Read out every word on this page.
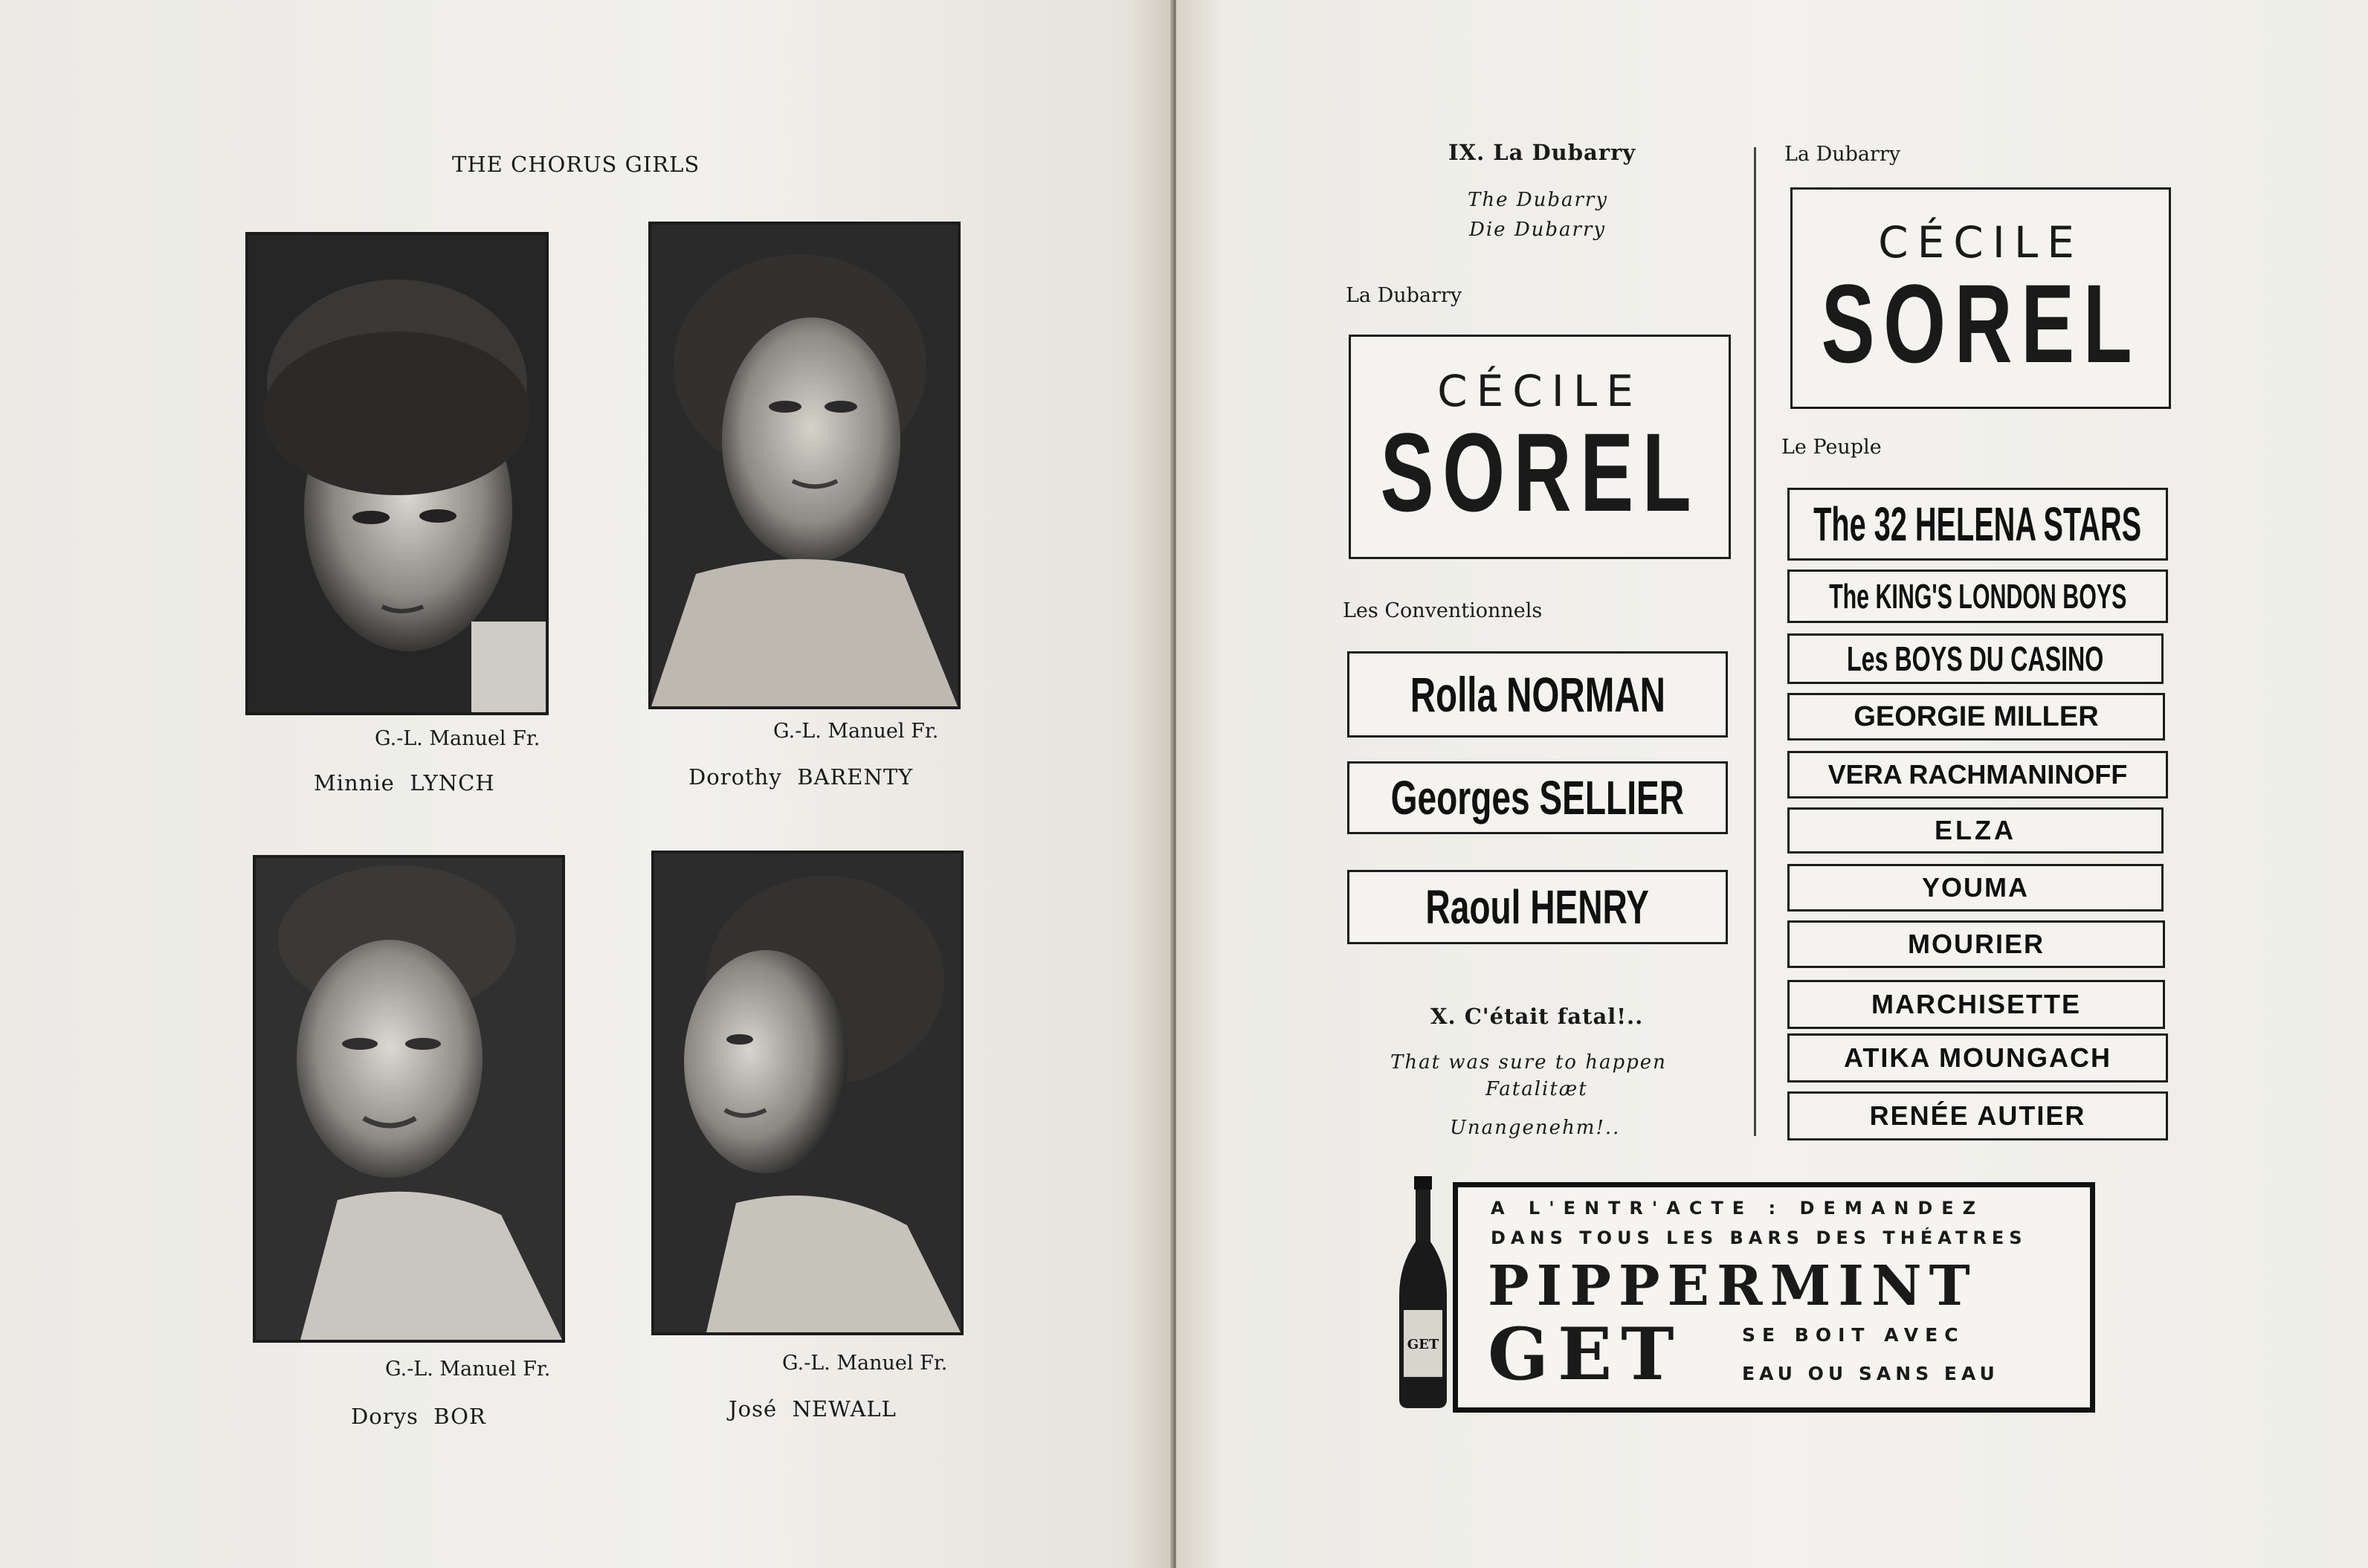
THE CHORUS GIRLS
G.-L. Manuel Fr.
Minnie LYNCH
G.-L. Manuel Fr.
Dorothy BARENTY
G.-L. Manuel Fr.
Dorys BOR
G.-L. Manuel Fr.
José NEWALL
IX. La Dubarry
The Dubarry
Die Dubarry
La Dubarry
CÉCILE
SOREL
Les Conventionnels
Rolla NORMAN
Georges SELLIER
Raoul HENRY
X. C'était fatal!..
That was sure to happen
Fatalitæt
Unangenehm!..
La Dubarry
CÉCILE
SOREL
Le Peuple
The 32 HELENA STARS
The KING'S LONDON BOYS
Les BOYS DU CASINO
GEORGIE MILLER
VERA RACHMANINOFF
ELZA
YOUMA
MOURIER
MARCHISETTE
ATIKA MOUNGACH
RENÉE AUTIER
GET
A L'ENTR'ACTE : DEMANDEZ
DANS TOUS LES BARS DES THÉATRES
PIPPERMINT
GET	SE BOIT AVEC
EAU OU SANS EAU
